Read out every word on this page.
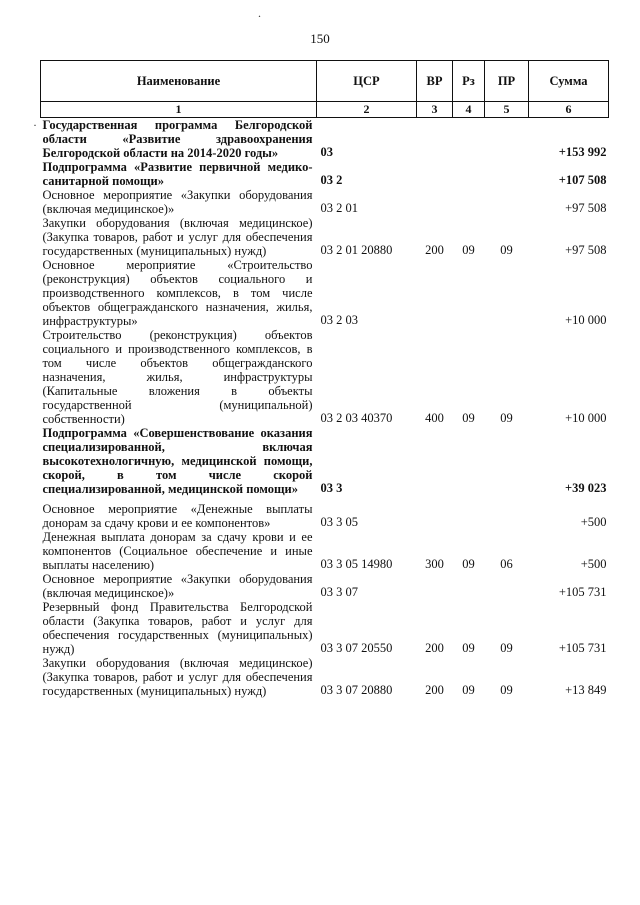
.
150
·
Наименование	ЦСР	ВР	Рз	ПР	Сумма
1	2	3	4	5	6
Государственная программа Белгородской области «Развитие здравоохранения Белгородской области на 2014-2020 годы»	03				+153 992
Подпрограмма «Развитие первичной медико-санитарной помощи»	03 2				+107 508
Основное мероприятие «Закупки оборудования (включая медицинское)»	03 2 01				+97 508
Закупки оборудования (включая медицинское) (Закупка товаров, работ и услуг для обеспечения государственных (муниципальных) нужд)	03 2 01 20880	200	09	09	+97 508
Основное мероприятие «Строительство (реконструкция) объектов социального и производственного комплексов, в том числе объектов общегражданского назначения, жилья, инфраструктуры»	03 2 03				+10 000
Строительство (реконструкция) объектов социального и производственного комплексов, в том числе объектов общегражданского назначения, жилья, инфраструктуры (Капитальные вложения в объекты государственной (муниципальной) собственности)	03 2 03 40370	400	09	09	+10 000
Подпрограмма «Совершенствование оказания специализированной, включая высокотехнологичную, медицинской помощи, скорой, в том числе скорой специализированной, медицинской помощи»	03 3				+39 023
Основное мероприятие «Денежные выплаты донорам за сдачу крови и ее компонентов»	03 3 05				+500
Денежная выплата донорам за сдачу крови и ее компонентов (Социальное обеспечение и иные выплаты населению)	03 3 05 14980	300	09	06	+500
Основное мероприятие «Закупки оборудования (включая медицинское)»	03 3 07				+105 731
Резервный фонд Правительства Белгородской области (Закупка товаров, работ и услуг для обеспечения государственных (муниципальных) нужд)	03 3 07 20550	200	09	09	+105 731
Закупки оборудования (включая медицинское) (Закупка товаров, работ и услуг для обеспечения государственных (муниципальных) нужд)	03 3 07 20880	200	09	09	+13 849
